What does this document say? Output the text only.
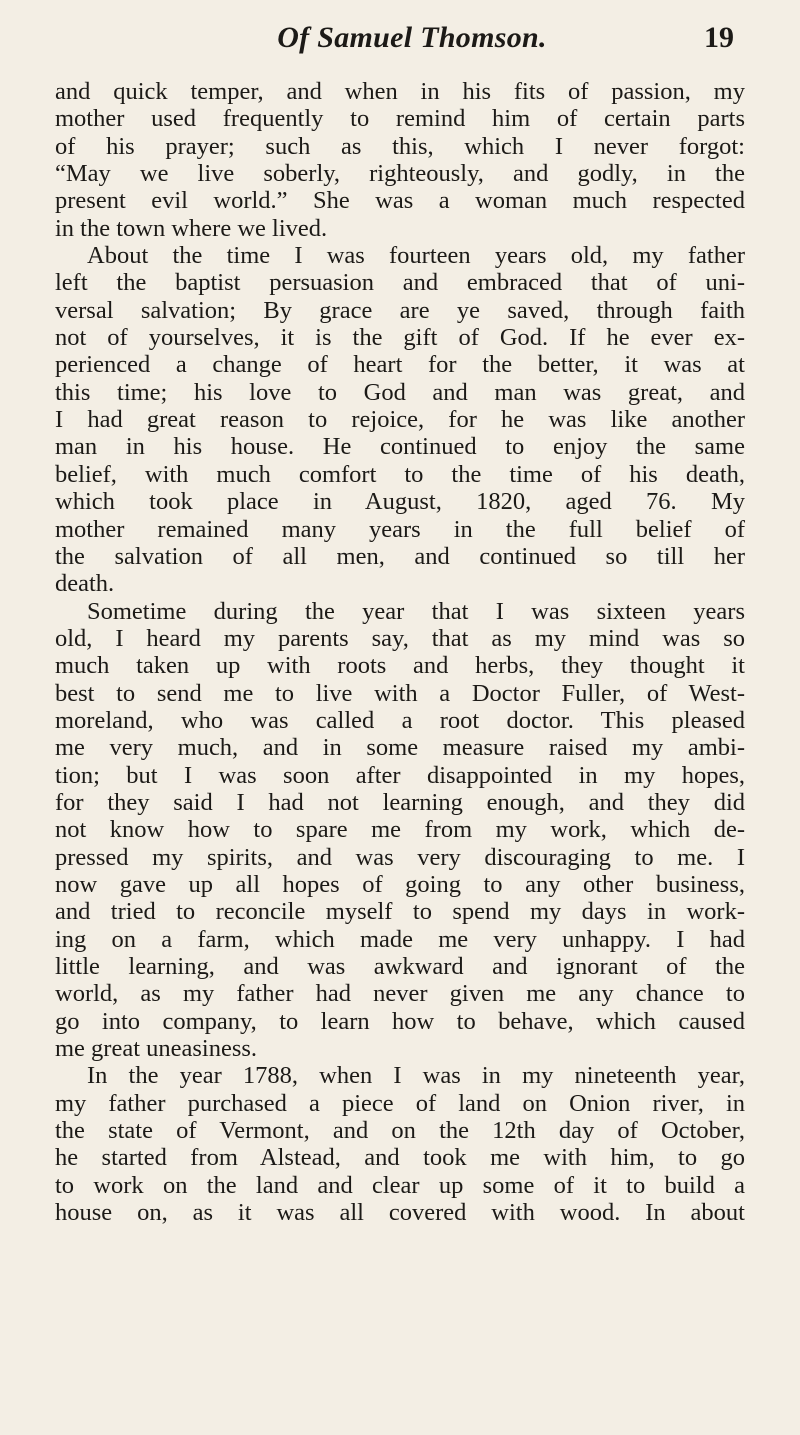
Of Samuel Thomson.	19
and quick temper, and when in his fits of passion, my
mother used frequently to remind him of certain parts
of his prayer; such as this, which I never forgot:
“May we live soberly, righteously, and godly, in the
present evil world.” She was a woman much respected
in the town where we lived.
About the time I was fourteen years old, my father
left the baptist persuasion and embraced that of uni-
versal salvation; By grace are ye saved, through faith
not of yourselves, it is the gift of God. If he ever ex-
perienced a change of heart for the better, it was at
this time; his love to God and man was great, and
I had great reason to rejoice, for he was like another
man in his house. He continued to enjoy the same
belief, with much comfort to the time of his death,
which took place in August, 1820, aged 76. My
mother remained many years in the full belief of
the salvation of all men, and continued so till her
death.
Sometime during the year that I was sixteen years
old, I heard my parents say, that as my mind was so
much taken up with roots and herbs, they thought it
best to send me to live with a Doctor Fuller, of West-
moreland, who was called a root doctor. This pleased
me very much, and in some measure raised my ambi-
tion; but I was soon after disappointed in my hopes,
for they said I had not learning enough, and they did
not know how to spare me from my work, which de-
pressed my spirits, and was very discouraging to me. I
now gave up all hopes of going to any other business,
and tried to reconcile myself to spend my days in work-
ing on a farm, which made me very unhappy. I had
little learning, and was awkward and ignorant of the
world, as my father had never given me any chance to
go into company, to learn how to behave, which caused
me great uneasiness.
In the year 1788, when I was in my nineteenth year,
my father purchased a piece of land on Onion river, in
the state of Vermont, and on the 12th day of October,
he started from Alstead, and took me with him, to go
to work on the land and clear up some of it to build a
house on, as it was all covered with wood. In about
